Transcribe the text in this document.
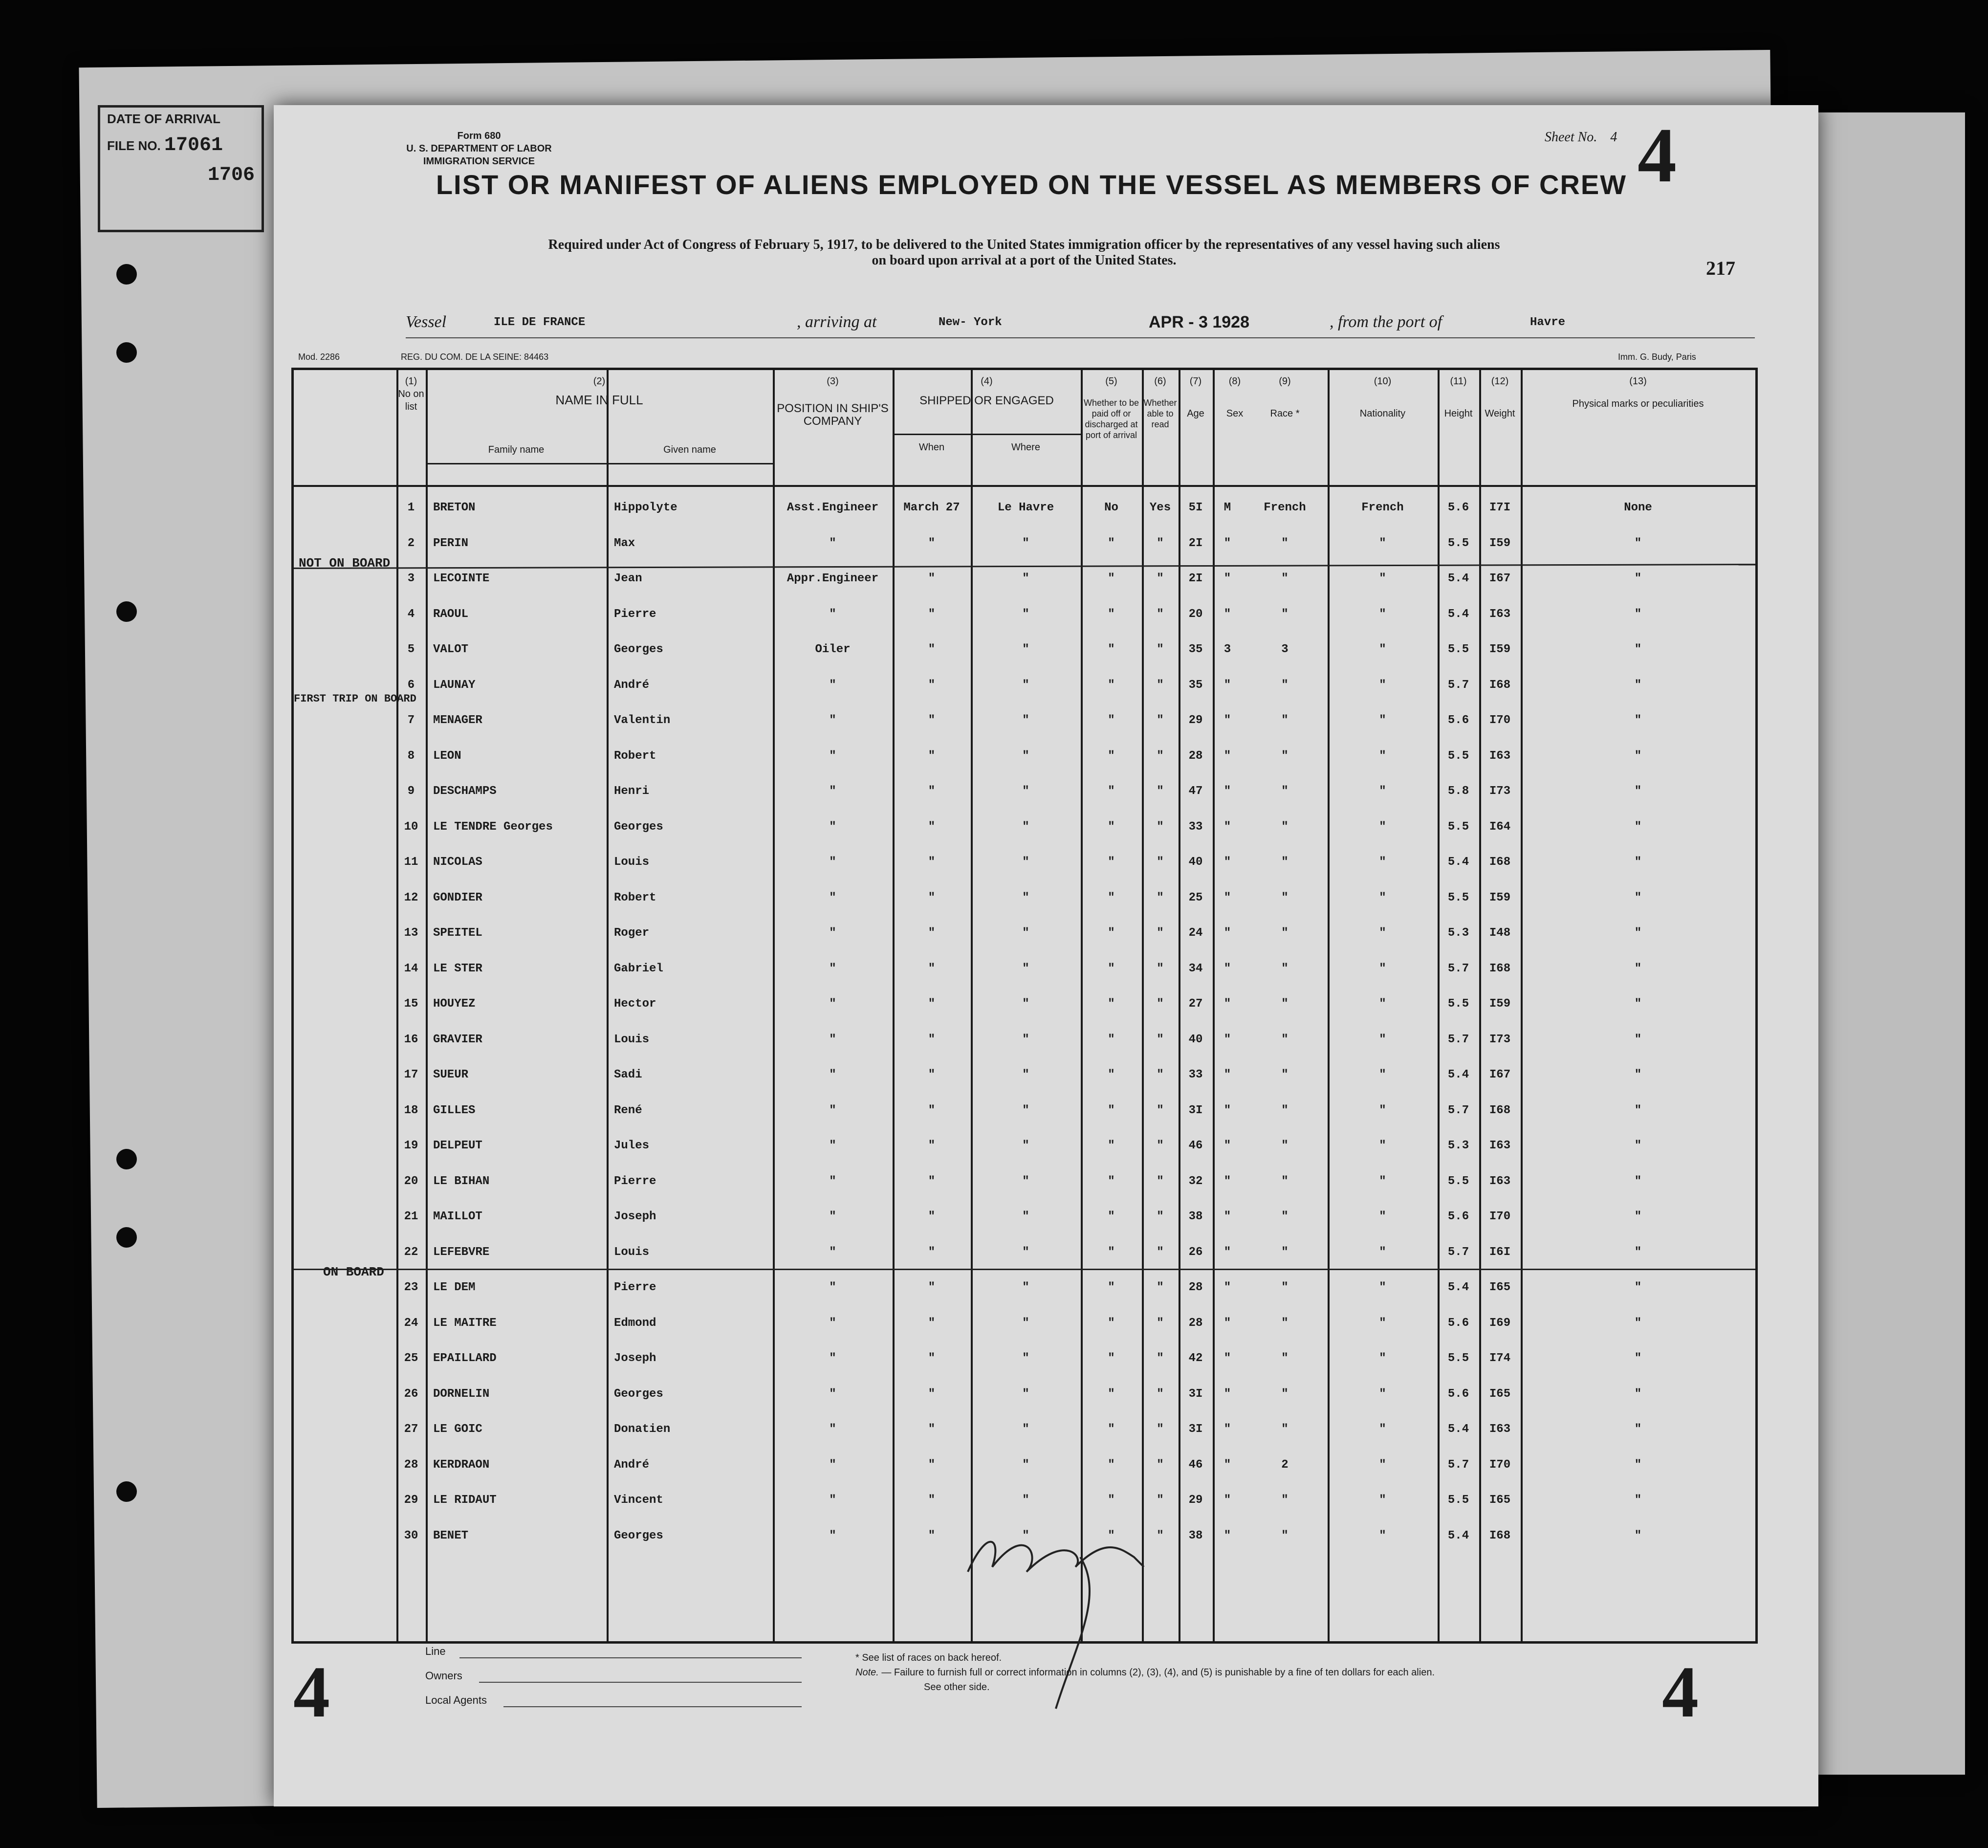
DATE OF ARRIVAL
FILE NO. 17061
1706
Form 680
U. S. DEPARTMENT OF LABOR
IMMIGRATION SERVICE
Sheet No. 4 4
LIST OR MANIFEST OF ALIENS EMPLOYED ON THE VESSEL AS MEMBERS OF CREW
Required under Act of Congress of February 5, 1917, to be delivered to the United States immigration officer by the representatives of any vessel having such aliens
on board upon arrival at a port of the United States.	217
Vessel	ILE DE FRANCE	, arriving at	New- York	APR - 3 1928	, from the port of	Havre
Mod. 2286	REG. DU COM. DE LA SEINE: 84463	Imm. G. Budy, Paris
(1)
No on list
(2)
NAME IN FULL
Family name	Given name
(3)
POSITION IN SHIP'S COMPANY
(4)
SHIPPED OR ENGAGED
When	Where
(5)
Whether to be paid off or discharged at port of arrival
(6)
Whether able to read
(7)
Age
(8)
Sex
(9)
Race *
(10)
Nationality
(11)
Height
(12)
Weight
(13)
Physical marks or peculiarities
NOT ON BOARD
FIRST TRIP ON BOARD
ON BOARD
1	BRETON	Hippolyte	Asst.Engineer	March 27	Le Havre	No	Yes	5I	M	French	French	5.6	I7I	None
2	PERIN	Max	"	"	"	"	"	2I	"	"	"	5.5	I59	"
3	LECOINTE	Jean	Appr.Engineer	"	"	"	"	2I	"	"	"	5.4	I67	"
4	RAOUL	Pierre	"	"	"	"	"	20	"	"	"	5.4	I63	"
5	VALOT	Georges	Oiler	"	"	"	"	35	3	3	"	5.5	I59	"
6	LAUNAY	André	"	"	"	"	"	35	"	"	"	5.7	I68	"
7	MENAGER	Valentin	"	"	"	"	"	29	"	"	"	5.6	I70	"
8	LEON	Robert	"	"	"	"	"	28	"	"	"	5.5	I63	"
9	DESCHAMPS	Henri	"	"	"	"	"	47	"	"	"	5.8	I73	"
10	LE TENDRE Georges	Georges	"	"	"	"	"	33	"	"	"	5.5	I64	"
11	NICOLAS	Louis	"	"	"	"	"	40	"	"	"	5.4	I68	"
12	GONDIER	Robert	"	"	"	"	"	25	"	"	"	5.5	I59	"
13	SPEITEL	Roger	"	"	"	"	"	24	"	"	"	5.3	I48	"
14	LE STER	Gabriel	"	"	"	"	"	34	"	"	"	5.7	I68	"
15	HOUYEZ	Hector	"	"	"	"	"	27	"	"	"	5.5	I59	"
16	GRAVIER	Louis	"	"	"	"	"	40	"	"	"	5.7	I73	"
17	SUEUR	Sadi	"	"	"	"	"	33	"	"	"	5.4	I67	"
18	GILLES	René	"	"	"	"	"	3I	"	"	"	5.7	I68	"
19	DELPEUT	Jules	"	"	"	"	"	46	"	"	"	5.3	I63	"
20	LE BIHAN	Pierre	"	"	"	"	"	32	"	"	"	5.5	I63	"
21	MAILLOT	Joseph	"	"	"	"	"	38	"	"	"	5.6	I70	"
22	LEFEBVRE	Louis	"	"	"	"	"	26	"	"	"	5.7	I6I	"
23	LE DEM	Pierre	"	"	"	"	"	28	"	"	"	5.4	I65	"
24	LE MAITRE	Edmond	"	"	"	"	"	28	"	"	"	5.6	I69	"
25	EPAILLARD	Joseph	"	"	"	"	"	42	"	"	"	5.5	I74	"
26	DORNELIN	Georges	"	"	"	"	"	3I	"	"	"	5.6	I65	"
27	LE GOIC	Donatien	"	"	"	"	"	3I	"	"	"	5.4	I63	"
28	KERDRAON	André	"	"	"	"	"	46	"	2	"	5.7	I70	"
29	LE RIDAUT	Vincent	"	"	"	"	"	29	"	"	"	5.5	I65	"
30	BENET	Georges	"	"	"	"	"	38	"	"	"	5.4	I68	"
Line
Owners
Local Agents
* See list of races on back hereof.
Note. — Failure to furnish full or correct information in columns (2), (3), (4), and (5) is punishable by a fine of ten dollars for each alien.
See other side.
4	4
